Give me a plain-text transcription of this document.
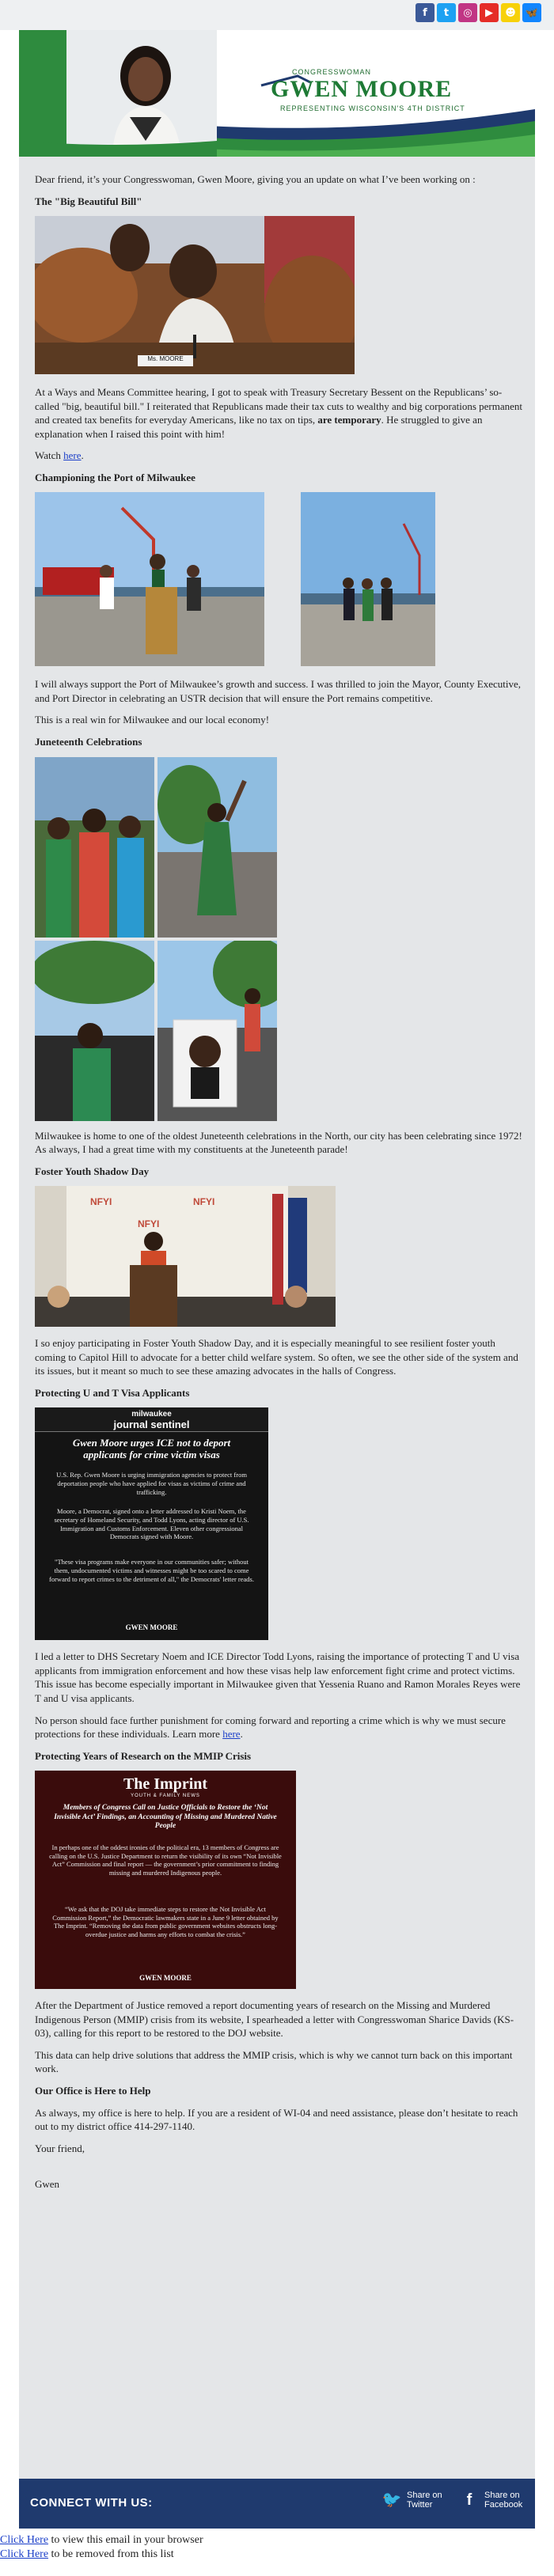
f	t	◎	▶	☻ 🦋
CONGRESSWOMAN
GWEN MOORE
REPRESENTING WISCONSIN'S 4TH DISTRICT

Dear friend, it’s your Congresswoman, Gwen Moore, giving you an update on what I’ve been working on :

The "Big Beautiful Bill"
Ms. MOORE

At a Ways and Means Committee hearing, I got to speak with Treasury Secretary Bessent on the Republicans’ so-called "big, beautiful bill." I reiterated that Republicans made their tax cuts to wealthy and big corporations permanent and created tax benefits for everyday Americans, like no tax on tips, are temporary. He struggled to give an explanation when I raised this point with him!

Watch here.

Championing the Port of Milwaukee

I will always support the Port of Milwaukee’s growth and success. I was thrilled to join the Mayor, County Executive, and Port Director in celebrating an USTR decision that will ensure the Port remains competitive.

This is a real win for Milwaukee and our local economy!

Juneteenth Celebrations

Milwaukee is home to one of the oldest Juneteenth celebrations in the North, our city has been celebrating since 1972! As always, I had a great time with my constituents at the Juneteenth parade!

Foster Youth Shadow Day
NFYI	NFYI
NFYI

I so enjoy participating in Foster Youth Shadow Day, and it is especially meaningful to see resilient foster youth coming to Capitol Hill to advocate for a better child welfare system. So often, we see the other side of the system and its issues, but it meant so much to see these amazing advocates in the halls of Congress.

Protecting U and T Visa Applicants
milwaukee
journal sentinel
Gwen Moore urges ICE not to deport applicants for crime victim visas
U.S. Rep. Gwen Moore is urging immigration agencies to protect from deportation people who have applied for visas as victims of crime and trafficking.
Moore, a Democrat, signed onto a letter addressed to Kristi Noem, the secretary of Homeland Security, and Todd Lyons, acting director of U.S. Immigration and Customs Enforcement. Eleven other congressional Democrats signed with Moore.
"These visa programs make everyone in our communities safer; without them, undocumented victims and witnesses might be too scared to come forward to report crimes to the detriment of all," the Democrats' letter reads.
GWEN MOORE

I led a letter to DHS Secretary Noem and ICE Director Todd Lyons, raising the importance of protecting T and U visa applicants from immigration enforcement and how these visas help law enforcement fight crime and protect victims. This issue has become especially important in Milwaukee given that Yessenia Ruano and Ramon Morales Reyes were T and U visa applicants.

No person should face further punishment for coming forward and reporting a crime which is why we must secure protections for these individuals. Learn more here.

Protecting Years of Research on the MMIP Crisis
The Imprint
YOUTH & FAMILY NEWS
Members of Congress Call on Justice Officials to Restore the ‘Not Invisible Act’ Findings, an Accounting of Missing and Murdered Native People
In perhaps one of the oddest ironies of the political era, 13 members of Congress are calling on the U.S. Justice Department to return the visibility of its own “Not Invisible Act” Commission and final report — the government’s prior commitment to finding missing and murdered Indigenous people.
“We ask that the DOJ take immediate steps to restore the Not Invisible Act Commission Report,” the Democratic lawmakers state in a June 9 letter obtained by The Imprint. “Removing the data from public government websites obstructs long-overdue justice and harms any efforts to combat the crisis.”
GWEN MOORE

After the Department of Justice removed a report documenting years of research on the Missing and Murdered Indigenous Person (MMIP) crisis from its website, I spearheaded a letter with Congresswoman Sharice Davids (KS-03), calling for this report to be restored to the DOJ website.

This data can help drive solutions that address the MMIP crisis, which is why we cannot turn back on this important work.

Our Office is Here to Help

As always, my office is here to help. If you are a resident of WI-04 and need assistance, please don’t hesitate to reach out to my district office 414-297-1140.

Your friend,

Gwen

CONNECT WITH US:	🐦 Share on
Twitter	f	Share on
Facebook
Click Here to view this email in your browser
Click Here to be removed from this list
